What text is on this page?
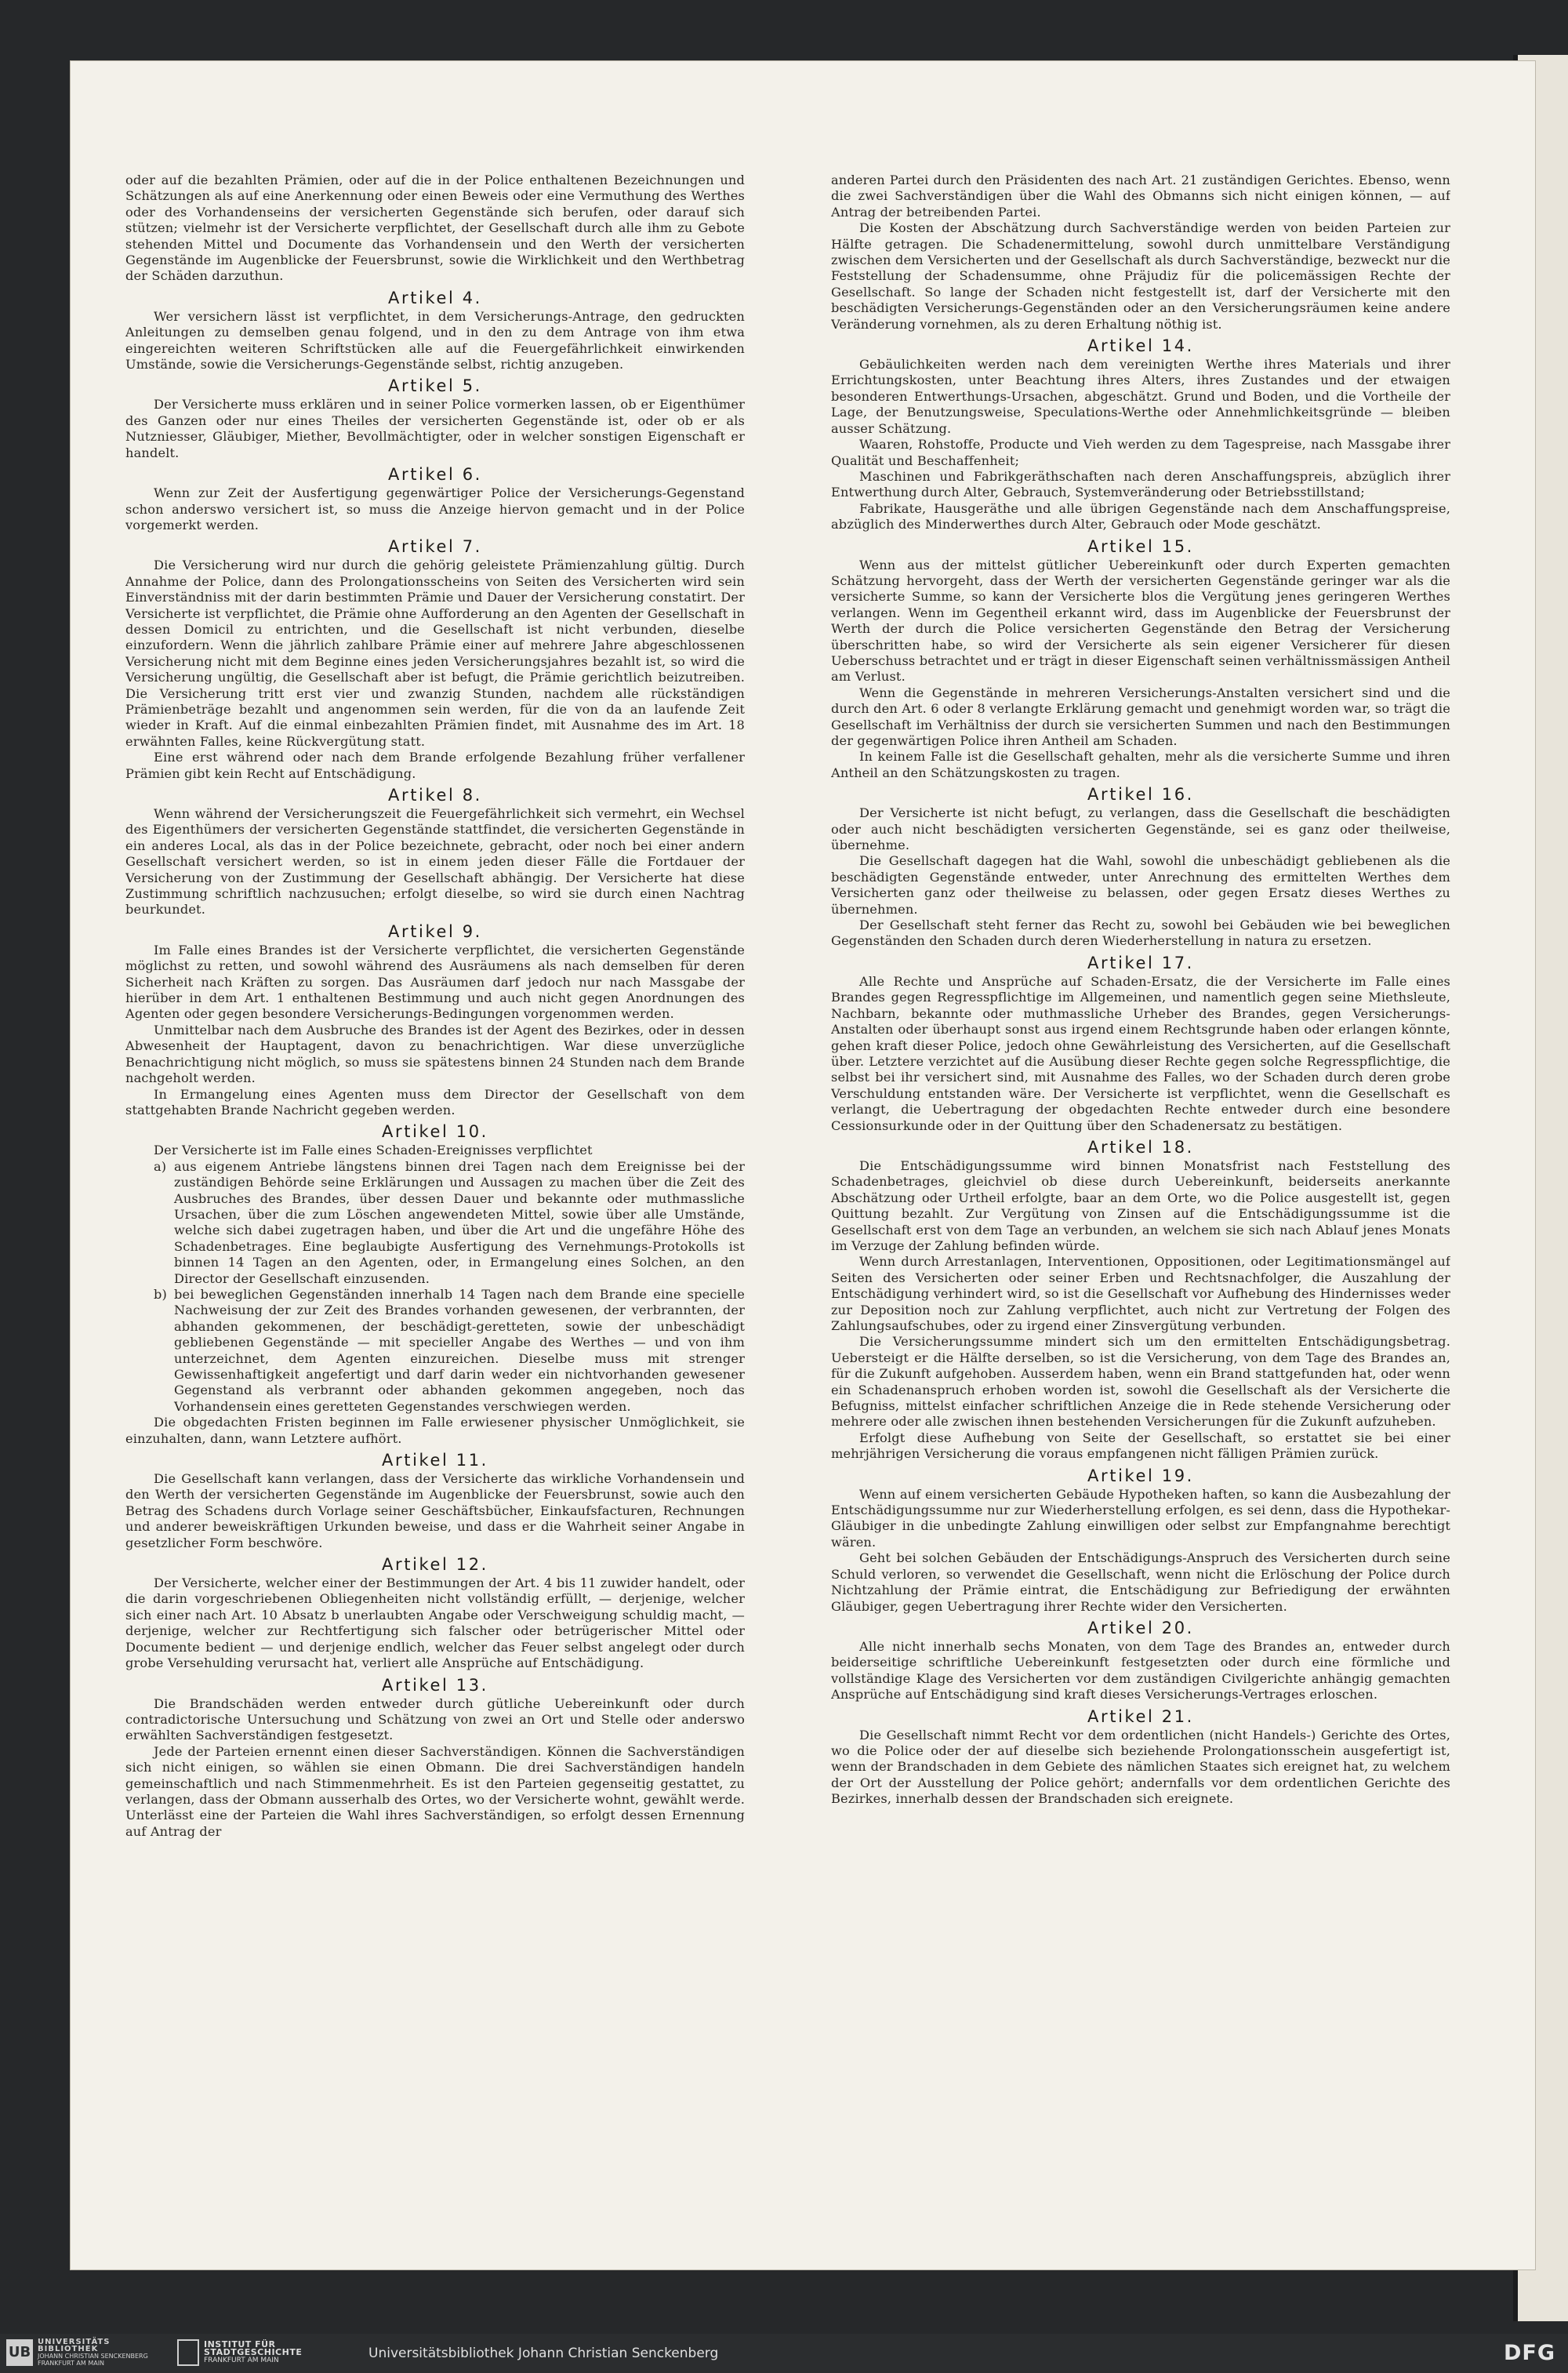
oder auf die bezahlten Prämien, oder auf die in der Police enthaltenen Bezeichnungen und Schätzungen als auf eine Anerkennung oder einen Beweis oder eine Vermuthung des Werthes oder des Vorhandenseins der versicherten Gegenstände sich berufen, oder darauf sich stützen; vielmehr ist der Versicherte verpflichtet, der Gesellschaft durch alle ihm zu Gebote stehenden Mittel und Documente das Vorhandensein und den Werth der versicherten Gegenstände im Augenblicke der Feuersbrunst, sowie die Wirklichkeit und den Werthbetrag der Schäden darzuthun.

Artikel 4.

Wer versichern lässt ist verpflichtet, in dem Versicherungs-Antrage, den gedruckten Anleitungen zu demselben genau folgend, und in den zu dem Antrage von ihm etwa eingereichten weiteren Schriftstücken alle auf die Feuergefährlichkeit einwirkenden Umstände, sowie die Versicherungs-Gegenstände selbst, richtig anzugeben.

Artikel 5.

Der Versicherte muss erklären und in seiner Police vormerken lassen, ob er Eigenthümer des Ganzen oder nur eines Theiles der versicherten Gegenstände ist, oder ob er als Nutzniesser, Gläubiger, Miether, Bevollmächtigter, oder in welcher sonstigen Eigenschaft er handelt.

Artikel 6.

Wenn zur Zeit der Ausfertigung gegenwärtiger Police der Versicherungs-Gegenstand schon anderswo versichert ist, so muss die Anzeige hiervon gemacht und in der Police vorgemerkt werden.

Artikel 7.

Die Versicherung wird nur durch die gehörig geleistete Prämienzahlung gültig. Durch Annahme der Police, dann des Prolongationsscheins von Seiten des Versicherten wird sein Einverständniss mit der darin bestimmten Prämie und Dauer der Versicherung constatirt. Der Versicherte ist verpflichtet, die Prämie ohne Aufforderung an den Agenten der Gesellschaft in dessen Domicil zu entrichten, und die Gesellschaft ist nicht verbunden, dieselbe einzufordern. Wenn die jährlich zahlbare Prämie einer auf mehrere Jahre abgeschlossenen Versicherung nicht mit dem Beginne eines jeden Versicherungsjahres bezahlt ist, so wird die Versicherung ungültig, die Gesellschaft aber ist befugt, die Prämie gerichtlich beizutreiben. Die Versicherung tritt erst vier und zwanzig Stunden, nachdem alle rückständigen Prämienbeträge bezahlt und angenommen sein werden, für die von da an laufende Zeit wieder in Kraft. Auf die einmal einbezahlten Prämien findet, mit Ausnahme des im Art. 18 erwähnten Falles, keine Rückvergütung statt.

Eine erst während oder nach dem Brande erfolgende Bezahlung früher verfallener Prämien gibt kein Recht auf Entschädigung.

Artikel 8.

Wenn während der Versicherungszeit die Feuergefährlichkeit sich vermehrt, ein Wechsel des Eigenthümers der versicherten Gegenstände stattfindet, die versicherten Gegenstände in ein anderes Local, als das in der Police bezeichnete, gebracht, oder noch bei einer andern Gesellschaft versichert werden, so ist in einem jeden dieser Fälle die Fortdauer der Versicherung von der Zustimmung der Gesellschaft abhängig. Der Versicherte hat diese Zustimmung schriftlich nachzusuchen; erfolgt dieselbe, so wird sie durch einen Nachtrag beurkundet.

Artikel 9.

Im Falle eines Brandes ist der Versicherte verpflichtet, die versicherten Gegenstände möglichst zu retten, und sowohl während des Ausräumens als nach demselben für deren Sicherheit nach Kräften zu sorgen. Das Ausräumen darf jedoch nur nach Massgabe der hierüber in dem Art. 1 enthaltenen Bestimmung und auch nicht gegen Anordnungen des Agenten oder gegen besondere Versicherungs-Bedingungen vorgenommen werden.

Unmittelbar nach dem Ausbruche des Brandes ist der Agent des Bezirkes, oder in dessen Abwesenheit der Hauptagent, davon zu benachrichtigen. War diese unverzügliche Benachrichtigung nicht möglich, so muss sie spätestens binnen 24 Stunden nach dem Brande nachgeholt werden.

In Ermangelung eines Agenten muss dem Director der Gesellschaft von dem stattgehabten Brande Nachricht gegeben werden.

Artikel 10.

Der Versicherte ist im Falle eines Schaden-Ereignisses verpflichtet

a) aus eigenem Antriebe längstens binnen drei Tagen nach dem Ereignisse bei der zuständigen Behörde seine Erklärungen und Aussagen zu machen über die Zeit des Ausbruches des Brandes, über dessen Dauer und bekannte oder muthmassliche Ursachen, über die zum Löschen angewendeten Mittel, sowie über alle Umstände, welche sich dabei zugetragen haben, und über die Art und die ungefähre Höhe des Schadenbetrages. Eine beglaubigte Ausfertigung des Vernehmungs-Protokolls ist binnen 14 Tagen an den Agenten, oder, in Ermangelung eines Solchen, an den Director der Gesellschaft einzusenden.
b) bei beweglichen Gegenständen innerhalb 14 Tagen nach dem Brande eine specielle Nachweisung der zur Zeit des Brandes vorhanden gewesenen, der verbrannten, der abhanden gekommenen, der beschädigt-geretteten, sowie der unbeschädigt gebliebenen Gegenstände — mit specieller Angabe des Werthes — und von ihm unterzeichnet, dem Agenten einzureichen. Dieselbe muss mit strenger Gewissenhaftigkeit angefertigt und darf darin weder ein nichtvorhanden gewesener Gegenstand als verbrannt oder abhanden gekommen angegeben, noch das Vorhandensein eines geretteten Gegenstandes verschwiegen werden.

Die obgedachten Fristen beginnen im Falle erwiesener physischer Unmöglichkeit, sie einzuhalten, dann, wann Letztere aufhört.

Artikel 11.

Die Gesellschaft kann verlangen, dass der Versicherte das wirkliche Vorhandensein und den Werth der versicherten Gegenstände im Augenblicke der Feuersbrunst, sowie auch den Betrag des Schadens durch Vorlage seiner Geschäftsbücher, Einkaufsfacturen, Rechnungen und anderer beweiskräftigen Urkunden beweise, und dass er die Wahrheit seiner Angabe in gesetzlicher Form beschwöre.

Artikel 12.

Der Versicherte, welcher einer der Bestimmungen der Art. 4 bis 11 zuwider handelt, oder die darin vorgeschriebenen Obliegenheiten nicht vollständig erfüllt, — derjenige, welcher sich einer nach Art. 10 Absatz b unerlaubten Angabe oder Verschweigung schuldig macht, — derjenige, welcher zur Rechtfertigung sich falscher oder betrügerischer Mittel oder Documente bedient — und derjenige endlich, welcher das Feuer selbst angelegt oder durch grobe Versehulding verursacht hat, verliert alle Ansprüche auf Entschädigung.

Artikel 13.

Die Brandschäden werden entweder durch gütliche Uebereinkunft oder durch contradictorische Untersuchung und Schätzung von zwei an Ort und Stelle oder anderswo erwählten Sachverständigen festgesetzt.

Jede der Parteien ernennt einen dieser Sachverständigen. Können die Sachverständigen sich nicht einigen, so wählen sie einen Obmann. Die drei Sachverständigen handeln gemeinschaftlich und nach Stimmenmehrheit. Es ist den Parteien gegenseitig gestattet, zu verlangen, dass der Obmann ausserhalb des Ortes, wo der Versicherte wohnt, gewählt werde. Unterlässt eine der Parteien die Wahl ihres Sachverständigen, so erfolgt dessen Ernennung auf Antrag der

anderen Partei durch den Präsidenten des nach Art. 21 zuständigen Gerichtes. Ebenso, wenn die zwei Sachverständigen über die Wahl des Obmanns sich nicht einigen können, — auf Antrag der betreibenden Partei.

Die Kosten der Abschätzung durch Sachverständige werden von beiden Parteien zur Hälfte getragen. Die Schadenermittelung, sowohl durch unmittelbare Verständigung zwischen dem Versicherten und der Gesellschaft als durch Sachverständige, bezweckt nur die Feststellung der Schadensumme, ohne Präjudiz für die policemässigen Rechte der Gesellschaft. So lange der Schaden nicht festgestellt ist, darf der Versicherte mit den beschädigten Versicherungs-Gegenständen oder an den Versicherungsräumen keine andere Veränderung vornehmen, als zu deren Erhaltung nöthig ist.

Artikel 14.

Gebäulichkeiten werden nach dem vereinigten Werthe ihres Materials und ihrer Errichtungskosten, unter Beachtung ihres Alters, ihres Zustandes und der etwaigen besonderen Entwerthungs-Ursachen, abgeschätzt. Grund und Boden, und die Vortheile der Lage, der Benutzungsweise, Speculations-Werthe oder Annehmlichkeitsgründe — bleiben ausser Schätzung.

Waaren, Rohstoffe, Producte und Vieh werden zu dem Tagespreise, nach Massgabe ihrer Qualität und Beschaffenheit;

Maschinen und Fabrikgeräthschaften nach deren Anschaffungspreis, abzüglich ihrer Entwerthung durch Alter, Gebrauch, Systemveränderung oder Betriebsstillstand;

Fabrikate, Hausgeräthe und alle übrigen Gegenstände nach dem Anschaffungspreise, abzüglich des Minderwerthes durch Alter, Gebrauch oder Mode geschätzt.

Artikel 15.

Wenn aus der mittelst gütlicher Uebereinkunft oder durch Experten gemachten Schätzung hervorgeht, dass der Werth der versicherten Gegenstände geringer war als die versicherte Summe, so kann der Versicherte blos die Vergütung jenes geringeren Werthes verlangen. Wenn im Gegentheil erkannt wird, dass im Augenblicke der Feuersbrunst der Werth der durch die Police versicherten Gegenstände den Betrag der Versicherung überschritten habe, so wird der Versicherte als sein eigener Versicherer für diesen Ueberschuss betrachtet und er trägt in dieser Eigenschaft seinen verhältnissmässigen Antheil am Verlust.

Wenn die Gegenstände in mehreren Versicherungs-Anstalten versichert sind und die durch den Art. 6 oder 8 verlangte Erklärung gemacht und genehmigt worden war, so trägt die Gesellschaft im Verhältniss der durch sie versicherten Summen und nach den Bestimmungen der gegenwärtigen Police ihren Antheil am Schaden.

In keinem Falle ist die Gesellschaft gehalten, mehr als die versicherte Summe und ihren Antheil an den Schätzungskosten zu tragen.

Artikel 16.

Der Versicherte ist nicht befugt, zu verlangen, dass die Gesellschaft die beschädigten oder auch nicht beschädigten versicherten Gegenstände, sei es ganz oder theilweise, übernehme.

Die Gesellschaft dagegen hat die Wahl, sowohl die unbeschädigt gebliebenen als die beschädigten Gegenstände entweder, unter Anrechnung des ermittelten Werthes dem Versicherten ganz oder theilweise zu belassen, oder gegen Ersatz dieses Werthes zu übernehmen.

Der Gesellschaft steht ferner das Recht zu, sowohl bei Gebäuden wie bei beweglichen Gegenständen den Schaden durch deren Wiederherstellung in natura zu ersetzen.

Artikel 17.

Alle Rechte und Ansprüche auf Schaden-Ersatz, die der Versicherte im Falle eines Brandes gegen Regresspflichtige im Allgemeinen, und namentlich gegen seine Miethsleute, Nachbarn, bekannte oder muthmassliche Urheber des Brandes, gegen Versicherungs-Anstalten oder überhaupt sonst aus irgend einem Rechtsgrunde haben oder erlangen könnte, gehen kraft dieser Police, jedoch ohne Gewährleistung des Versicherten, auf die Gesellschaft über. Letztere verzichtet auf die Ausübung dieser Rechte gegen solche Regresspflichtige, die selbst bei ihr versichert sind, mit Ausnahme des Falles, wo der Schaden durch deren grobe Verschuldung entstanden wäre. Der Versicherte ist verpflichtet, wenn die Gesellschaft es verlangt, die Uebertragung der obgedachten Rechte entweder durch eine besondere Cessionsurkunde oder in der Quittung über den Schadenersatz zu bestätigen.

Artikel 18.

Die Entschädigungssumme wird binnen Monatsfrist nach Feststellung des Schadenbetrages, gleichviel ob diese durch Uebereinkunft, beiderseits anerkannte Abschätzung oder Urtheil erfolgte, baar an dem Orte, wo die Police ausgestellt ist, gegen Quittung bezahlt. Zur Vergütung von Zinsen auf die Entschädigungssumme ist die Gesellschaft erst von dem Tage an verbunden, an welchem sie sich nach Ablauf jenes Monats im Verzuge der Zahlung befinden würde.

Wenn durch Arrestanlagen, Interventionen, Oppositionen, oder Legitimationsmängel auf Seiten des Versicherten oder seiner Erben und Rechtsnachfolger, die Auszahlung der Entschädigung verhindert wird, so ist die Gesellschaft vor Aufhebung des Hindernisses weder zur Deposition noch zur Zahlung verpflichtet, auch nicht zur Vertretung der Folgen des Zahlungsaufschubes, oder zu irgend einer Zinsvergütung verbunden.

Die Versicherungssumme mindert sich um den ermittelten Entschädigungsbetrag. Uebersteigt er die Hälfte derselben, so ist die Versicherung, von dem Tage des Brandes an, für die Zukunft aufgehoben. Ausserdem haben, wenn ein Brand stattgefunden hat, oder wenn ein Schadenanspruch erhoben worden ist, sowohl die Gesellschaft als der Versicherte die Befugniss, mittelst einfacher schriftlichen Anzeige die in Rede stehende Versicherung oder mehrere oder alle zwischen ihnen bestehenden Versicherungen für die Zukunft aufzuheben.

Erfolgt diese Aufhebung von Seite der Gesellschaft, so erstattet sie bei einer mehrjährigen Versicherung die voraus empfangenen nicht fälligen Prämien zurück.

Artikel 19.

Wenn auf einem versicherten Gebäude Hypotheken haften, so kann die Ausbezahlung der Entschädigungssumme nur zur Wiederherstellung erfolgen, es sei denn, dass die Hypothekar-Gläubiger in die unbedingte Zahlung einwilligen oder selbst zur Empfangnahme berechtigt wären.

Geht bei solchen Gebäuden der Entschädigungs-Anspruch des Versicherten durch seine Schuld verloren, so verwendet die Gesellschaft, wenn nicht die Erlöschung der Police durch Nichtzahlung der Prämie eintrat, die Entschädigung zur Befriedigung der erwähnten Gläubiger, gegen Uebertragung ihrer Rechte wider den Versicherten.

Artikel 20.

Alle nicht innerhalb sechs Monaten, von dem Tage des Brandes an, entweder durch beiderseitige schriftliche Uebereinkunft festgesetzten oder durch eine förmliche und vollständige Klage des Versicherten vor dem zuständigen Civilgerichte anhängig gemachten Ansprüche auf Entschädigung sind kraft dieses Versicherungs-Vertrages erloschen.

Artikel 21.

Die Gesellschaft nimmt Recht vor dem ordentlichen (nicht Handels-) Gerichte des Ortes, wo die Police oder der auf dieselbe sich beziehende Prolongationsschein ausgefertigt ist, wenn der Brandschaden in dem Gebiete des nämlichen Staates sich ereignet hat, zu welchem der Ort der Ausstellung der Police gehört; andernfalls vor dem ordentlichen Gerichte des Bezirkes, innerhalb dessen der Brandschaden sich ereignete.

UB
UNIVERSITÄTS
BIBLIOTHEK
JOHANN CHRISTIAN SENCKENBERG
FRANKFURT AM MAIN
INSTITUT FÜR
STADTGESCHICHTE
FRANKFURT AM MAIN	Universitätsbibliothek Johann Christian Senckenberg	DFG
